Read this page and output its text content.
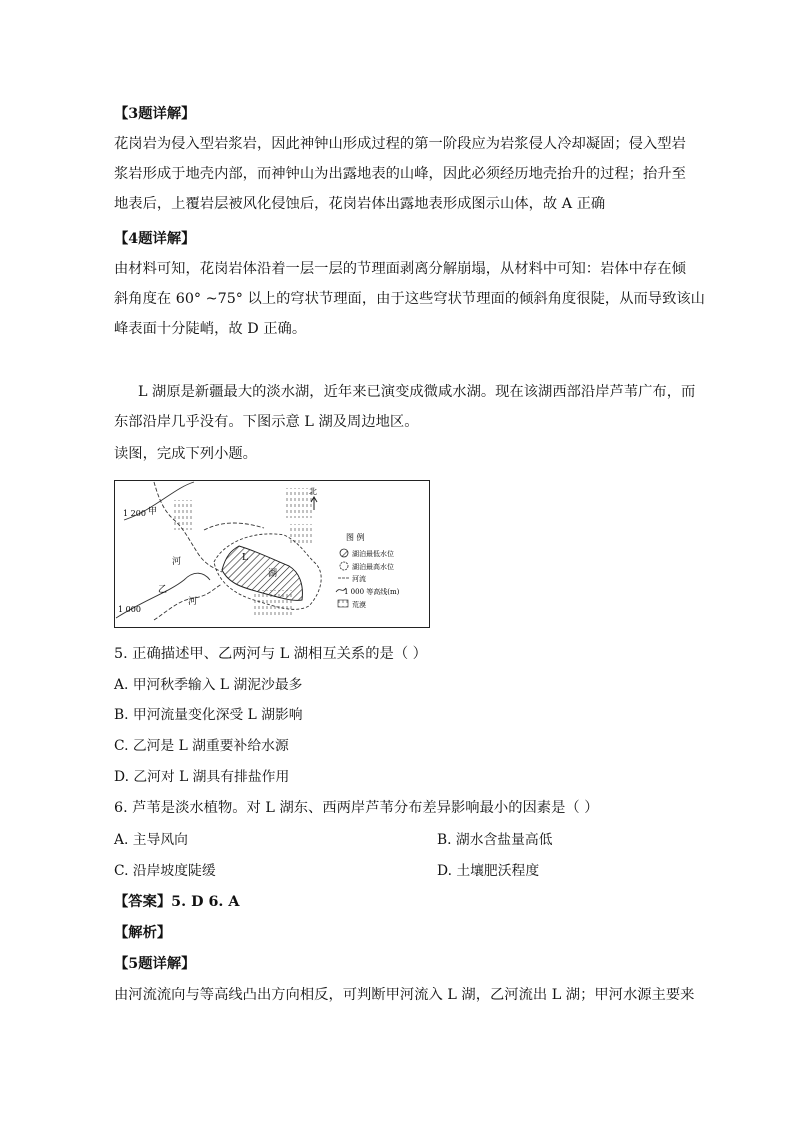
【3题详解】
花岗岩为侵入型岩浆岩，因此神钟山形成过程的第一阶段应为岩浆侵人冷却凝固；侵入型岩
浆岩形成于地壳内部，而神钟山为出露地表的山峰，因此必须经历地壳抬升的过程；抬升至
地表后，上覆岩层被风化侵蚀后，花岗岩体出露地表形成图示山体，故 A 正确
【4题详解】
由材料可知，花岗岩体沿着一层一层的节理面剥离分解崩塌，从材料中可知：岩体中存在倾
斜角度在 60° ~75° 以上的穹状节理面，由于这些穹状节理面的倾斜角度很陡，从而导致该山
峰表面十分陡峭，故 D 正确。
L 湖原是新疆最大的淡水湖，近年来已演变成微咸水湖。现在该湖西部沿岸芦苇广布，而
东部沿岸几乎没有。下图示意 L 湖及周边地区。
读图，完成下列小题。
北
1 200
1 000
甲
河
乙
河
L
湖
图 例
湖泊最低水位
湖泊最高水位
河流
1 000 等高线(m)
荒漠
5. 正确描述甲、乙两河与 L 湖相互关系的是（ ）
A. 甲河秋季输入 L 湖泥沙最多
B. 甲河流量变化深受 L 湖影响
C. 乙河是 L 湖重要补给水源
D. 乙河对 L 湖具有排盐作用
6. 芦苇是淡水植物。对 L 湖东、西两岸芦苇分布差异影响最小的因素是（ ）
A. 主导风向	B. 湖水含盐量高低
C. 沿岸坡度陡缓	D. 土壤肥沃程度
【答案】5. D 6. A
【解析】
【5题详解】
由河流流向与等高线凸出方向相反，可判断甲河流入 L 湖，乙河流出 L 湖；甲河水源主要来
